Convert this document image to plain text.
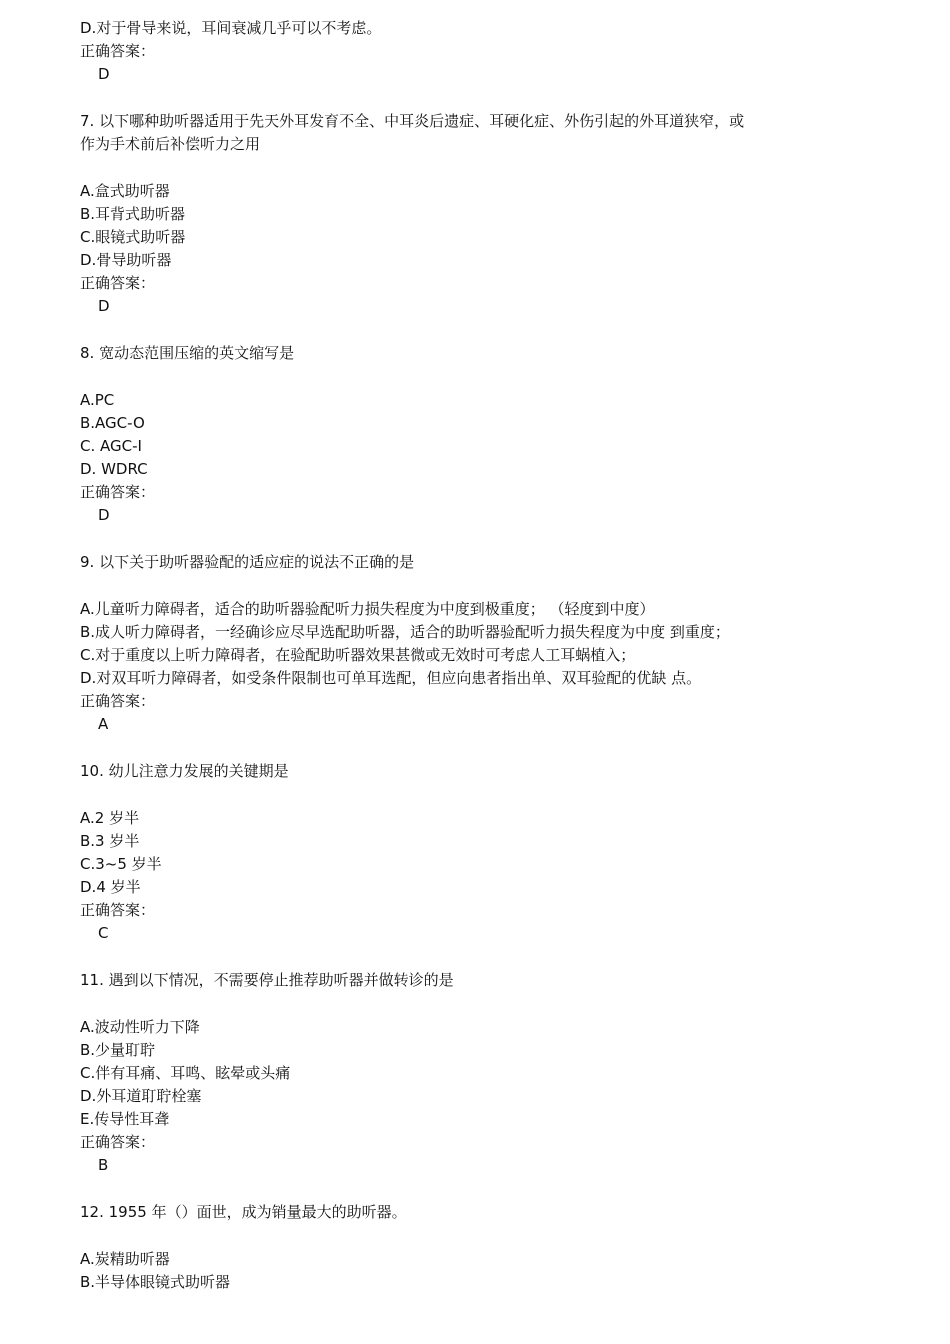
D.对于骨导来说，耳间衰减几乎可以不考虑。
正确答案：
D
7. 以下哪种助听器适用于先天外耳发育不全、中耳炎后遗症、耳硬化症、外伤引起的外耳道狭窄，或
作为手术前后补偿听力之用
A.盒式助听器
B.耳背式助听器
C.眼镜式助听器
D.骨导助听器
正确答案：
D
8. 宽动态范围压缩的英文缩写是
A.PC
B.AGC-O
C. AGC-I
D. WDRC
正确答案：
D
9. 以下关于助听器验配的适应症的说法不正确的是
A.儿童听力障碍者，适合的助听器验配听力损失程度为中度到极重度； （轻度到中度）
B.成人听力障碍者，一经确诊应尽早选配助听器，适合的助听器验配听力损失程度为中度 到重度；
C.对于重度以上听力障碍者，在验配助听器效果甚微或无效时可考虑人工耳蜗植入；
D.对双耳听力障碍者，如受条件限制也可单耳选配，但应向患者指出单、双耳验配的优缺 点。
正确答案：
A
10. 幼儿注意力发展的关键期是
A.2 岁半
B.3 岁半
C.3~5 岁半
D.4 岁半
正确答案：
C
11. 遇到以下情况，不需要停止推荐助听器并做转诊的是
A.波动性听力下降
B.少量耵聍
C.伴有耳痛、耳鸣、眩晕或头痛
D.外耳道耵聍栓塞
E.传导性耳聋
正确答案：
B
12. 1955 年（）面世，成为销量最大的助听器。
A.炭精助听器
B.半导体眼镜式助听器
